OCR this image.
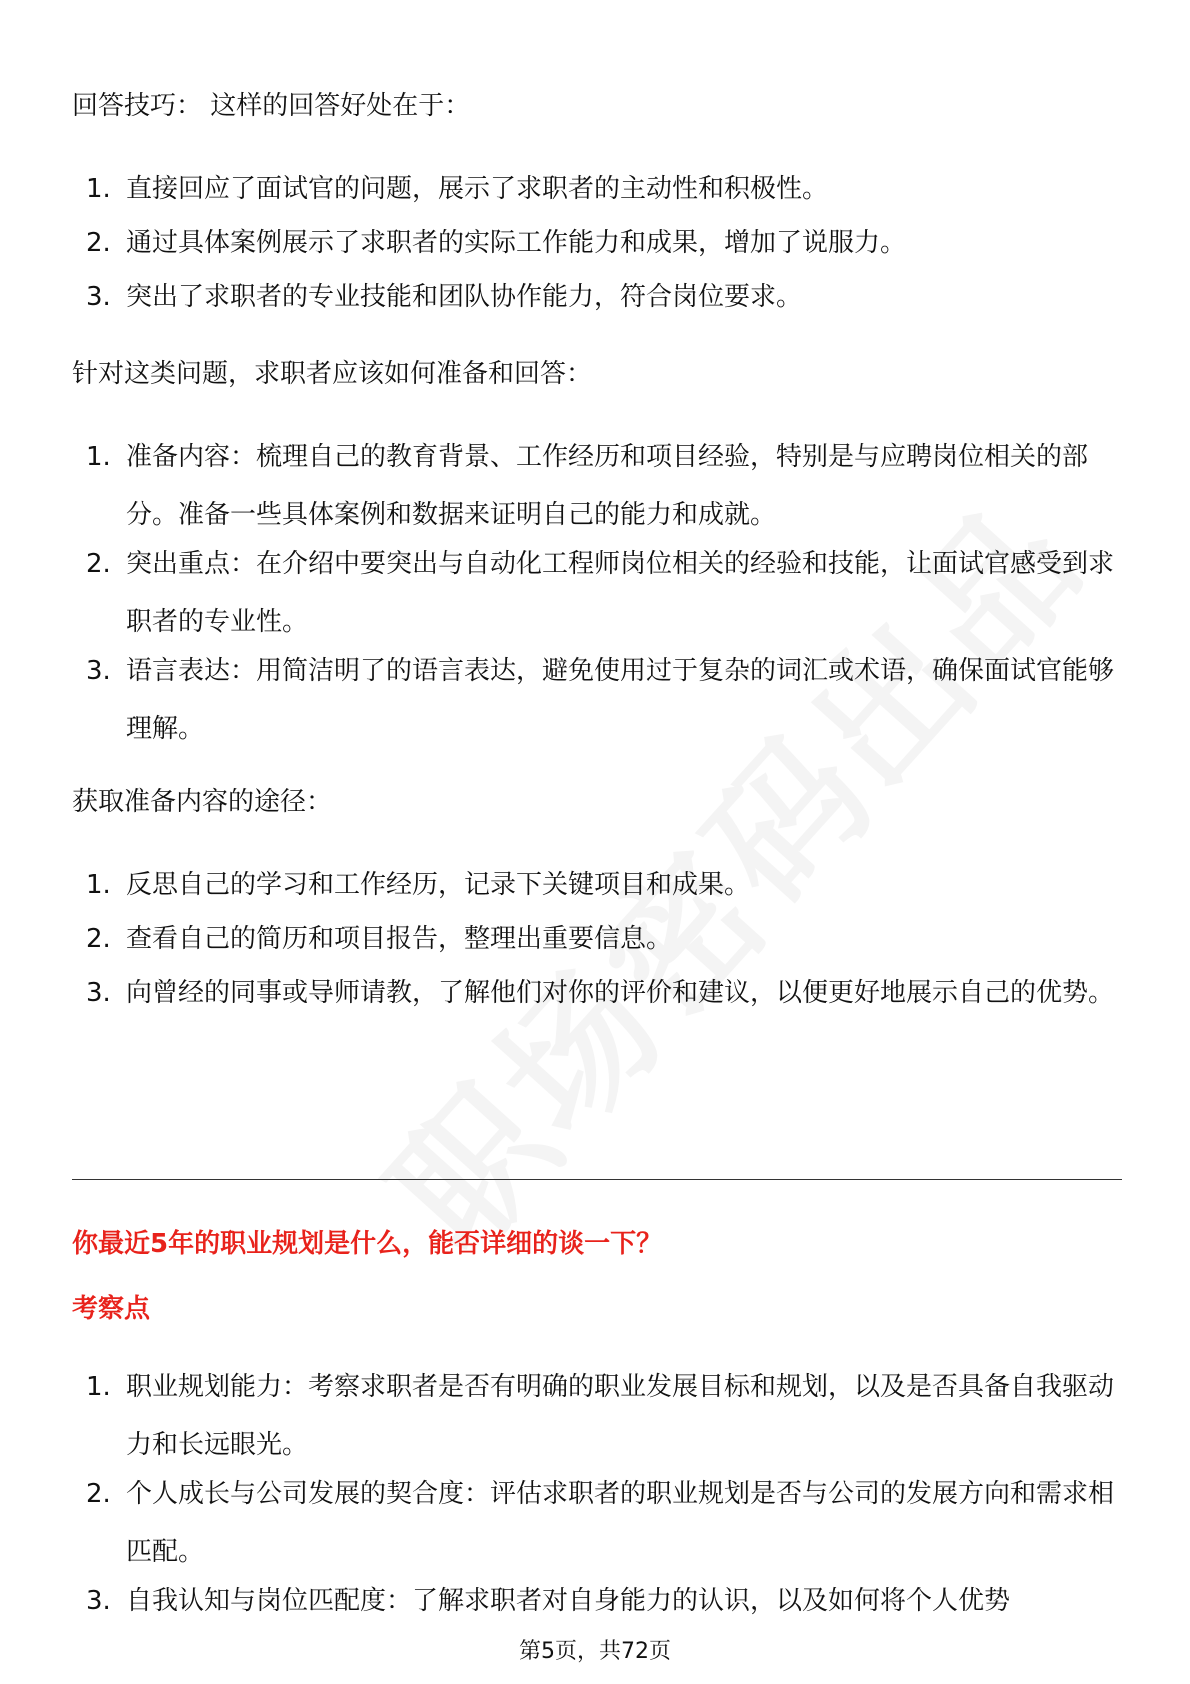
回答技巧： 这样的回答好处在于：

1. 直接回应了面试官的问题，展示了求职者的主动性和积极性。
2. 通过具体案例展示了求职者的实际工作能力和成果，增加了说服力。
3. 突出了求职者的专业技能和团队协作能力，符合岗位要求。

针对这类问题，求职者应该如何准备和回答：

1. 准备内容：梳理自己的教育背景、工作经历和项目经验，特别是与应聘岗位相关的部分。准备一些具体案例和数据来证明自己的能力和成就。
2. 突出重点：在介绍中要突出与自动化工程师岗位相关的经验和技能，让面试官感受到求职者的专业性。
3. 语言表达：用简洁明了的语言表达，避免使用过于复杂的词汇或术语，确保面试官能够理解。

获取准备内容的途径：

1. 反思自己的学习和工作经历，记录下关键项目和成果。
2. 查看自己的简历和项目报告，整理出重要信息。
3. 向曾经的同事或导师请教，了解他们对你的评价和建议，以便更好地展示自己的优势。
你最近5年的职业规划是什么，能否详细的谈一下？
考察点
1. 职业规划能力：考察求职者是否有明确的职业发展目标和规划，以及是否具备自我驱动力和长远眼光。
2. 个人成长与公司发展的契合度：评估求职者的职业规划是否与公司的发展方向和需求相匹配。
3. 自我认知与岗位匹配度：了解求职者对自身能力的认识，以及如何将个人优势
第5页，共72页
